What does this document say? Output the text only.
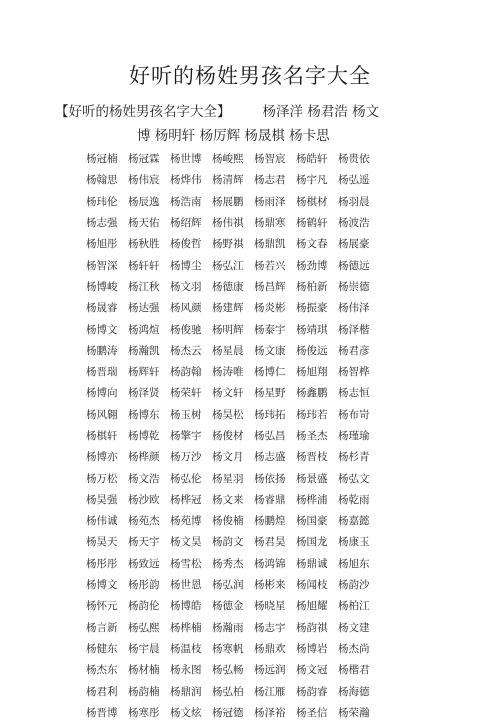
好听的杨姓男孩名字大全
【好听的杨姓男孩名字大全】 杨泽洋 杨君浩 杨文
博 杨明轩 杨厉辉 杨晟棋 杨卡思
杨冠楠	杨冠霖	杨世博	杨峻熙	杨智宸	杨皓轩	杨贵依
杨翰思	杨伟宸	杨烨伟	杨清辉	杨志君	杨宇凡	杨弘遥
杨玮伦	杨辰逸	杨浩南	杨展鹏	杨雨泽	杨棋材	杨羽晨
杨志强	杨天佑	杨绍辉	杨伟祺	杨鼎寒	杨鹤轩	杨波浩
杨旭彤	杨秋胜	杨俊哲	杨野祺	杨鼎凯	杨文春	杨展豪
杨智深	杨轩轩	杨博尘	杨弘江	杨若兴	杨劲博	杨德远
杨博峻	杨江秋	杨文羽	杨德康	杨昌辉	杨柏新	杨崇德
杨晟睿	杨达强	杨风颜	杨建辉	杨炎彬	杨振豪	杨伟泽
杨博文	杨鸿煊	杨俊驰	杨明辉	杨泰宇	杨靖琪	杨泽楷
杨鹏涛	杨瀚凯	杨杰云	杨星晨	杨文康	杨俊远	杨君彦
杨晋瑞	杨辉轩	杨韵翰	杨涛唯	杨博仁	杨旭翔	杨智桦
杨博向	杨泽贤	杨荣轩	杨文轩	杨星野	杨鑫鹏	杨志恒
杨风翱	杨博东	杨玉树	杨昊松	杨玮拓	杨玮若	杨布岢
杨棋轩	杨博乾	杨擎宇	杨俊材	杨弘昌	杨圣杰	杨瑾瑜
杨博亦	杨桦颜	杨万沙	杨文月	杨志盛	杨晋枝	杨杉青
杨万松	杨文浩	杨弘伦	杨星羽	杨依扬	杨景盛	杨弘文
杨昊强	杨沙欧	杨桦冠	杨文来	杨睿鼎	杨桦浦	杨乾雨
杨伟诚	杨苑杰	杨苑博	杨俊楠	杨鹏煌	杨国豪	杨嘉懿
杨昊天	杨天宇	杨文昊	杨韵文	杨君昊	杨国龙	杨康玉
杨彤彤	杨致远	杨雪松	杨秀杰	杨鸿锦	杨鼎诚	杨旭东
杨博文	杨彤韵	杨世恩	杨弘润	杨彬来	杨闻枝	杨韵沙
杨怀元	杨韵伦	杨博皓	杨德金	杨晓星	杨旭耀	杨柏江
杨言新	杨弘熙	杨桦楠	杨瀚雨	杨志宇	杨韵祺	杨文建
杨健东	杨宇晨	杨温枝	杨寒帆	杨鼎欢	杨博岩	杨杰尚
杨杰东	杨材楠	杨永图	杨弘畅	杨远润	杨文冠	杨楷君
杨君利	杨韵楠	杨鼎润	杨弘柏	杨江雁	杨韵睿	杨海德
杨晋博	杨寒彤	杨文炫	杨冠德	杨泽裕	杨圣信	杨荣瀚
